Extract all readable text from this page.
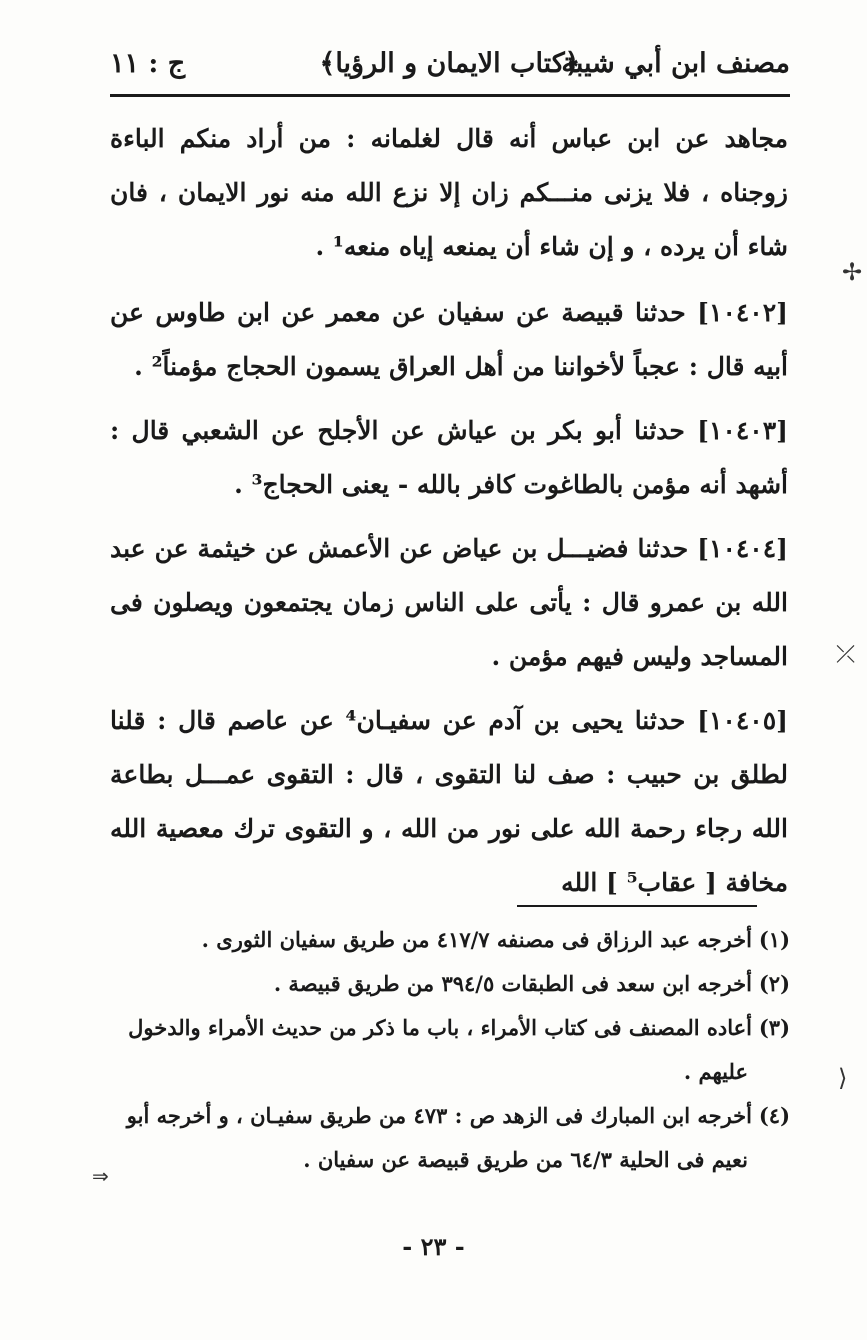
مصنف ابن أبي شيبة
﴿كتاب الايمان و الرؤيا﴾
ج : ١١

مجاهد عن ابن عباس أنه قال لغلمانه : من أراد منكم الباءة زوجناه ، فلا يزنى منـــكم زان إلا نزع الله منه نور الايمان ، فان شاء أن يرده ، و إن شاء أن يمنعه إياه منعه¹ .

[١٠٤٠٢] حدثنا قبيصة عن سفيان عن معمر عن ابن طاوس عن أبيه قال : عجباً لأخواننا من أهل العراق يسمون الحجاج مؤمناً² .

[١٠٤٠٣] حدثنا أبو بكر بن عياش عن الأجلح عن الشعبي قال : أشهد أنه مؤمن بالطاغوت كافر بالله - يعنى الحجاج³ .

[١٠٤٠٤] حدثنا فضيـــل بن عياض عن الأعمش عن خيثمة عن عبد الله بن عمرو قال : يأتى على الناس زمان يجتمعون ويصلون فى المساجد وليس فيهم مؤمن .

[١٠٤٠٥] حدثنا يحيى بن آدم عن سفيـان⁴ عن عاصم قال : قلنا لطلق بن حبيب : صف لنا التقوى ، قال : التقوى عمـــل بطاعة الله رجاء رحمة الله على نور من الله ، و التقوى ترك معصية الله مخافة [ عقاب⁵ ] الله

(١)أخرجه عبد الرزاق فى مصنفه ٤١٧/٧ من طريق سفيان الثورى .

(٢)أخرجه ابن سعد فى الطبقات ٣٩٤/٥ من طريق قبيصة .

(٣)أعاده المصنف فى كتاب الأمراء ، باب ما ذكر من حديث الأمراء والدخول عليهم .

(٤)أخرجه ابن المبارك فى الزهد ص : ٤٧٣ من طريق سفيـان ، و أخرجه أبو نعيم فى الحلية ٦٤/٣ من طريق قبيصة عن سفيان .

- ٢٣ -
✢
⤫
⟩
⇒
